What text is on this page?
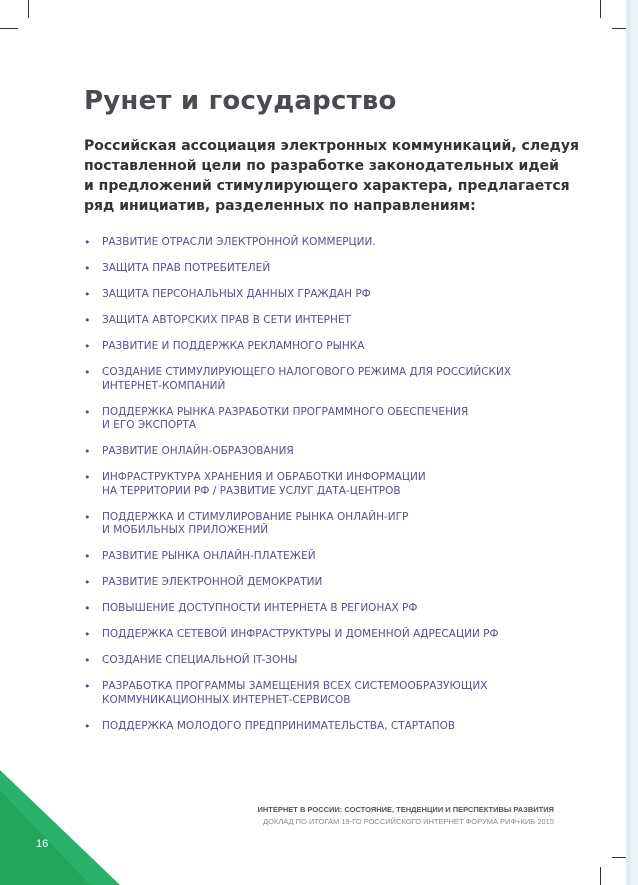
Рунет и государство

Российская ассоциация электронных коммуникаций, следуя
поставленной цели по разработке законодательных идей
и предложений стимулирующего характера, предлагается
ряд инициатив, разделенных по направлениям:

• РАЗВИТИЕ ОТРАСЛИ ЭЛЕКТРОННОЙ КОММЕРЦИИ.
• ЗАЩИТА ПРАВ ПОТРЕБИТЕЛЕЙ
• ЗАЩИТА ПЕРСОНАЛЬНЫХ ДАННЫХ ГРАЖДАН РФ
• ЗАЩИТА АВТОРСКИХ ПРАВ В СЕТИ ИНТЕРНЕТ
• РАЗВИТИЕ И ПОДДЕРЖКА РЕКЛАМНОГО РЫНКА
• СОЗДАНИЕ СТИМУЛИРУЮЩЕГО НАЛОГОВОГО РЕЖИМА ДЛЯ РОССИЙСКИХ
ИНТЕРНЕТ-КОМПАНИЙ
• ПОДДЕРЖКА РЫНКА РАЗРАБОТКИ ПРОГРАММНОГО ОБЕСПЕЧЕНИЯ
И ЕГО ЭКСПОРТА
• РАЗВИТИЕ ОНЛАЙН-ОБРАЗОВАНИЯ
• ИНФРАСТРУКТУРА ХРАНЕНИЯ И ОБРАБОТКИ ИНФОРМАЦИИ
НА ТЕРРИТОРИИ РФ / РАЗВИТИЕ УСЛУГ ДАТА-ЦЕНТРОВ
• ПОДДЕРЖКА И СТИМУЛИРОВАНИЕ РЫНКА ОНЛАЙН-ИГР
И МОБИЛЬНЫХ ПРИЛОЖЕНИЙ
• РАЗВИТИЕ РЫНКА ОНЛАЙН-ПЛАТЕЖЕЙ
• РАЗВИТИЕ ЭЛЕКТРОННОЙ ДЕМОКРАТИИ
• ПОВЫШЕНИЕ ДОСТУПНОСТИ ИНТЕРНЕТА В РЕГИОНАХ РФ
• ПОДДЕРЖКА СЕТЕВОЙ ИНФРАСТРУКТУРЫ И ДОМЕННОЙ АДРЕСАЦИИ РФ
• СОЗДАНИЕ СПЕЦИАЛЬНОЙ IT-ЗОНЫ
• РАЗРАБОТКА ПРОГРАММЫ ЗАМЕЩЕНИЯ ВСЕХ СИСТЕМООБРАЗУЮЩИХ
КОММУНИКАЦИОННЫХ ИНТЕРНЕТ-СЕРВИСОВ
• ПОДДЕРЖКА МОЛОДОГО ПРЕДПРИНИМАТЕЛЬСТВА, СТАРТАПОВ
16
ИНТЕРНЕТ В РОССИИ: СОСТОЯНИЕ, ТЕНДЕНЦИИ И ПЕРСПЕКТИВЫ РАЗВИТИЯ
ДОКЛАД ПО ИТОГАМ 19-ГО РОССИЙСКОГО ИНТЕРНЕТ ФОРУМА РИФ+КИБ 2015
